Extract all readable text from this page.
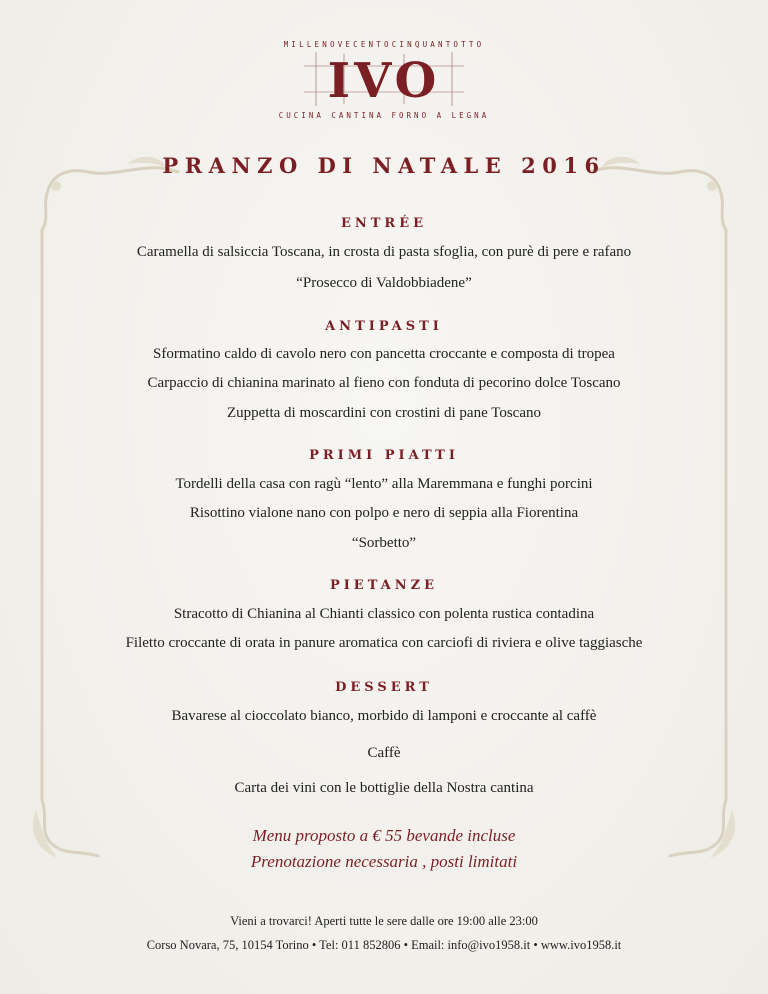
MILLENOVECENTOCINQUANTOTTO
IVO
CUCINA CANTINA FORNO A LEGNA
PRANZO DI NATALE 2016
ENTRÉE
Caramella di salsiccia Toscana, in crosta di pasta sfoglia, con purè di pere e rafano
“Prosecco di Valdobbiadene”
ANTIPASTI
Sformatino caldo di cavolo nero con pancetta croccante e composta di tropea
Carpaccio di chianina marinato al fieno con fonduta di pecorino dolce Toscano
Zuppetta di moscardini con crostini di pane Toscano
PRIMI PIATTI
Tordelli della casa con ragù “lento” alla Maremmana e funghi porcini
Risottino vialone nano con polpo e nero di seppia alla Fiorentina
“Sorbetto”
PIETANZE
Stracotto di Chianina al Chianti classico con polenta rustica contadina
Filetto croccante di orata in panure aromatica con carciofi di riviera e olive taggiasche
DESSERT
Bavarese al cioccolato bianco, morbido di lamponi e croccante al caffè
Caffè
Carta dei vini con le bottiglie della Nostra cantina
Menu proposto a € 55 bevande incluse
Prenotazione necessaria , posti limitati
Vieni a trovarci! Aperti tutte le sere dalle ore 19:00 alle 23:00
Corso Novara, 75, 10154 Torino • Tel: 011 852806 • Email: info@ivo1958.it • www.ivo1958.it
